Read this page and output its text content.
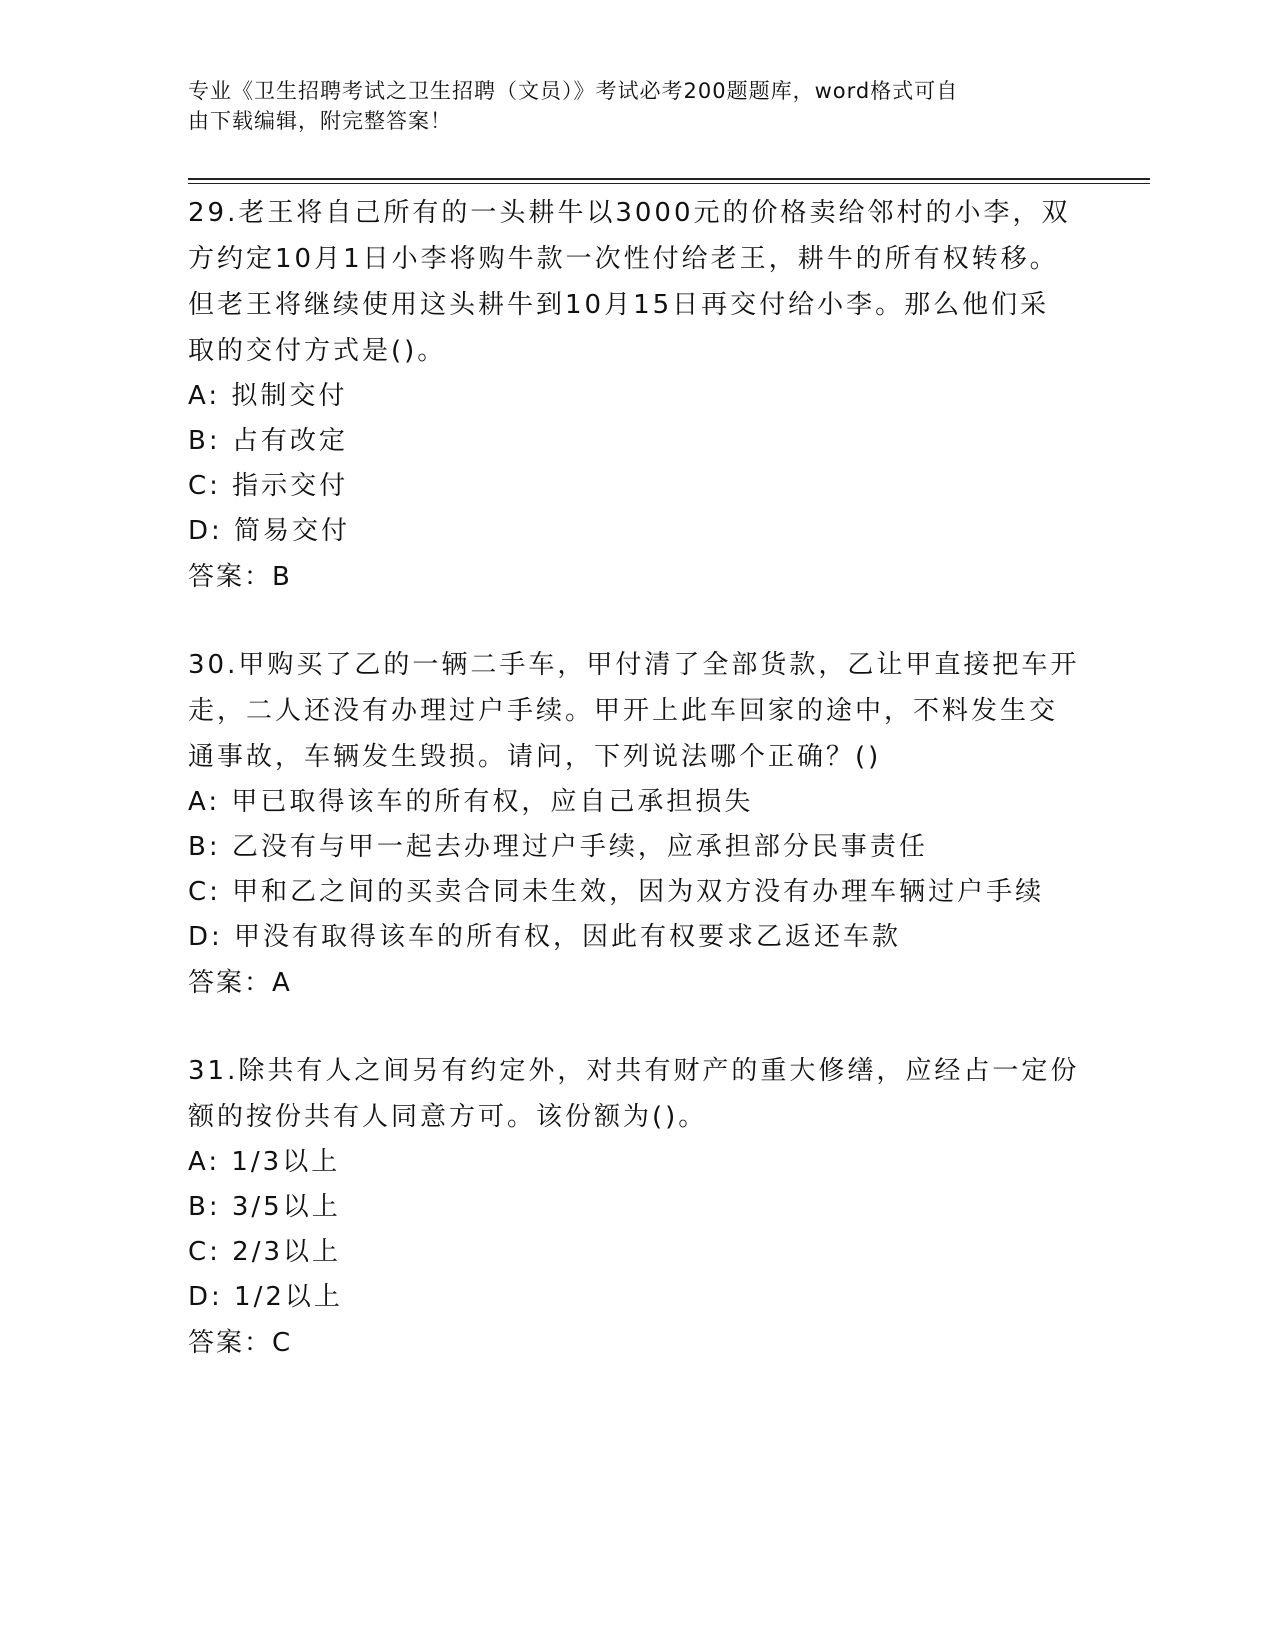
专业《卫生招聘考试之卫生招聘（文员）》考试必考200题题库，word格式可自
由下载编辑，附完整答案！

29.老王将自己所有的一头耕牛以3000元的价格卖给邻村的小李，双

方约定10月1日小李将购牛款一次性付给老王，耕牛的所有权转移。

但老王将继续使用这头耕牛到10月15日再交付给小李。那么他们采

取的交付方式是()。

A: 拟制交付

B: 占有改定

C: 指示交付

D: 简易交付

答案：B

30.甲购买了乙的一辆二手车，甲付清了全部货款，乙让甲直接把车开

走，二人还没有办理过户手续。甲开上此车回家的途中，不料发生交

通事故，车辆发生毁损。请问，下列说法哪个正确？()

A: 甲已取得该车的所有权，应自己承担损失

B: 乙没有与甲一起去办理过户手续，应承担部分民事责任

C: 甲和乙之间的买卖合同未生效，因为双方没有办理车辆过户手续

D: 甲没有取得该车的所有权，因此有权要求乙返还车款

答案：A

31.除共有人之间另有约定外，对共有财产的重大修缮，应经占一定份

额的按份共有人同意方可。该份额为()。

A: 1/3以上

B: 3/5以上

C: 2/3以上

D: 1/2以上

答案：C
